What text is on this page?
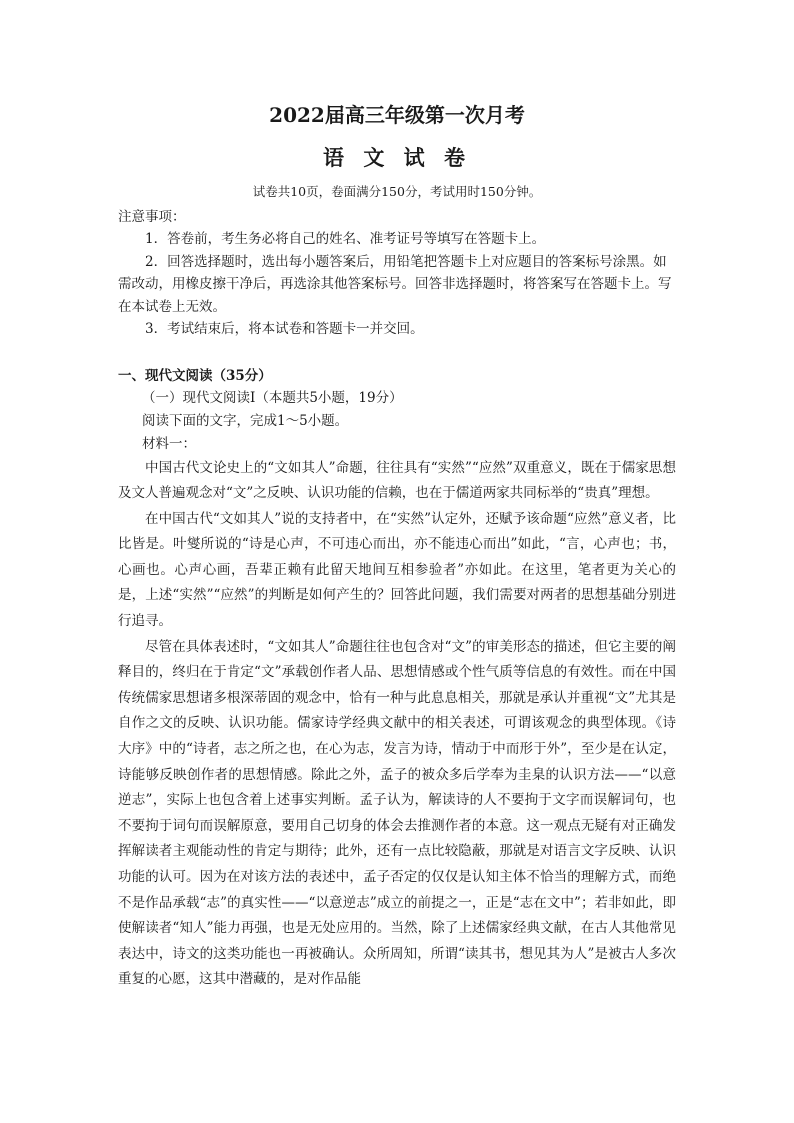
2022届高三年级第一次月考
语 文 试 卷
试卷共10页，卷面满分150分，考试用时150分钟。
注意事项：

1．答卷前，考生务必将自己的姓名、准考证号等填写在答题卡上。

2．回答选择题时，选出每小题答案后，用铅笔把答题卡上对应题目的答案标号涂黑。如需改动，用橡皮擦干净后，再选涂其他答案标号。回答非选择题时，将答案写在答题卡上。写在本试卷上无效。

3．考试结束后，将本试卷和答题卡一并交回。

一、现代文阅读（35分）
（一）现代文阅读Ⅰ（本题共5小题，19分）
阅读下面的文字，完成1～5小题。
材料一：

中国古代文论史上的“文如其人”命题，往往具有“实然”“应然”双重意义，既在于儒家思想及文人普遍观念对“文”之反映、认识功能的信赖，也在于儒道两家共同标举的“贵真”理想。

在中国古代“文如其人”说的支持者中，在“实然”认定外，还赋予该命题“应然”意义者，比比皆是。叶燮所说的“诗是心声，不可违心而出，亦不能违心而出”如此，“言，心声也；书，心画也。心声心画，吾辈正赖有此留天地间互相参验者”亦如此。在这里，笔者更为关心的是，上述“实然”“应然”的判断是如何产生的？回答此问题，我们需要对两者的思想基础分别进行追寻。

尽管在具体表述时，“文如其人”命题往往也包含对“文”的审美形态的描述，但它主要的阐释目的，终归在于肯定“文”承载创作者人品、思想情感或个性气质等信息的有效性。而在中国传统儒家思想诸多根深蒂固的观念中，恰有一种与此息息相关，那就是承认并重视“文”尤其是自作之文的反映、认识功能。儒家诗学经典文献中的相关表述，可谓该观念的典型体现。《诗大序》中的“诗者，志之所之也，在心为志，发言为诗，情动于中而形于外”，至少是在认定，诗能够反映创作者的思想情感。除此之外，孟子的被众多后学奉为圭臬的认识方法——“以意逆志”，实际上也包含着上述事实判断。孟子认为，解读诗的人不要拘于文字而误解词句，也不要拘于词句而误解原意，要用自己切身的体会去推测作者的本意。这一观点无疑有对正确发挥解读者主观能动性的肯定与期待；此外，还有一点比较隐蔽，那就是对语言文字反映、认识功能的认可。因为在对该方法的表述中，孟子否定的仅仅是认知主体不恰当的理解方式，而绝不是作品承载“志”的真实性——“以意逆志”成立的前提之一，正是“志在文中”；若非如此，即使解读者“知人”能力再强，也是无处应用的。当然，除了上述儒家经典文献，在古人其他常见表达中，诗文的这类功能也一再被确认。众所周知，所谓“读其书，想见其为人”是被古人多次重复的心愿，这其中潜藏的，是对作品能
